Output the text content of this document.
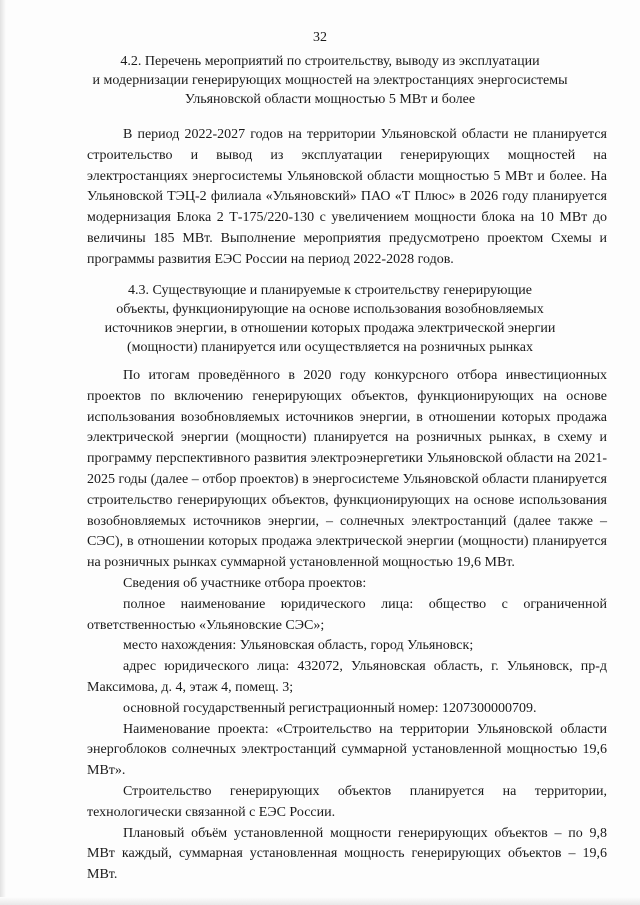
32
4.2. Перечень мероприятий по строительству, выводу из эксплуатации
и модернизации генерирующих мощностей на электростанциях энергосистемы
Ульяновской области мощностью 5 МВт и более

В период 2022-2027 годов на территории Ульяновской области не планируется строительство и вывод из эксплуатации генерирующих мощностей на электростанциях энергосистемы Ульяновской области мощностью 5 МВт и более. На Ульяновской ТЭЦ-2 филиала «Ульяновский» ПАО «Т Плюс» в 2026 году планируется модернизация Блока 2 Т-175/220-130 с увеличением мощности блока на 10 МВт до величины 185 МВт. Выполнение мероприятия предусмотрено проектом Схемы и программы развития ЕЭС России на период 2022-2028 годов.

4.3. Существующие и планируемые к строительству генерирующие
объекты, функционирующие на основе использования возобновляемых
источников энергии, в отношении которых продажа электрической энергии
(мощности) планируется или осуществляется на розничных рынках

По итогам проведённого в 2020 году конкурсного отбора инвестиционных проектов по включению генерирующих объектов, функционирующих на основе использования возобновляемых источников энергии, в отношении которых продажа электрической энергии (мощности) планируется на розничных рынках, в схему и программу перспективного развития электроэнергетики Ульяновской области на 2021-2025 годы (далее – отбор проектов) в энергосистеме Ульяновской области планируется строительство генерирующих объектов, функционирующих на основе использования возобновляемых источников энергии, – солнечных электростанций (далее также – СЭС), в отношении которых продажа электрической энергии (мощности) планируется на розничных рынках суммарной установленной мощностью 19,6 МВт.

Сведения об участнике отбора проектов:

полное наименование юридического лица: общество с ограниченной ответственностью «Ульяновские СЭС»;

место нахождения: Ульяновская область, город Ульяновск;

адрес юридического лица: 432072, Ульяновская область, г. Ульяновск, пр-д Максимова, д. 4, этаж 4, помещ. 3;

основной государственный регистрационный номер: 1207300000709.

Наименование проекта: «Строительство на территории Ульяновской области энергоблоков солнечных электростанций суммарной установленной мощностью 19,6 МВт».

Строительство генерирующих объектов планируется на территории, технологически связанной с ЕЭС России.

Плановый объём установленной мощности генерирующих объектов – по 9,8 МВт каждый, суммарная установленная мощность генерирующих объектов – 19,6 МВт.
